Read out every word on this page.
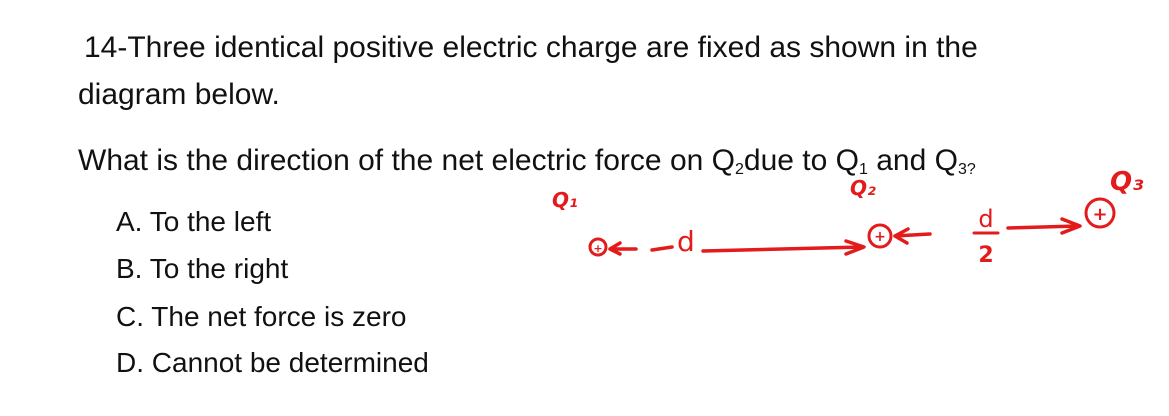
14-Three identical positive electric charge are fixed as shown in the
diagram below.
What is the direction of the net electric force on $Q_2due$ to $Q_1$ and $Q_{3?}$
A. To the left
B. To the right
C. The net force is zero
D. Cannot be determined
Q₃
Q₁	Q₂
+	d	+
d
2
+
